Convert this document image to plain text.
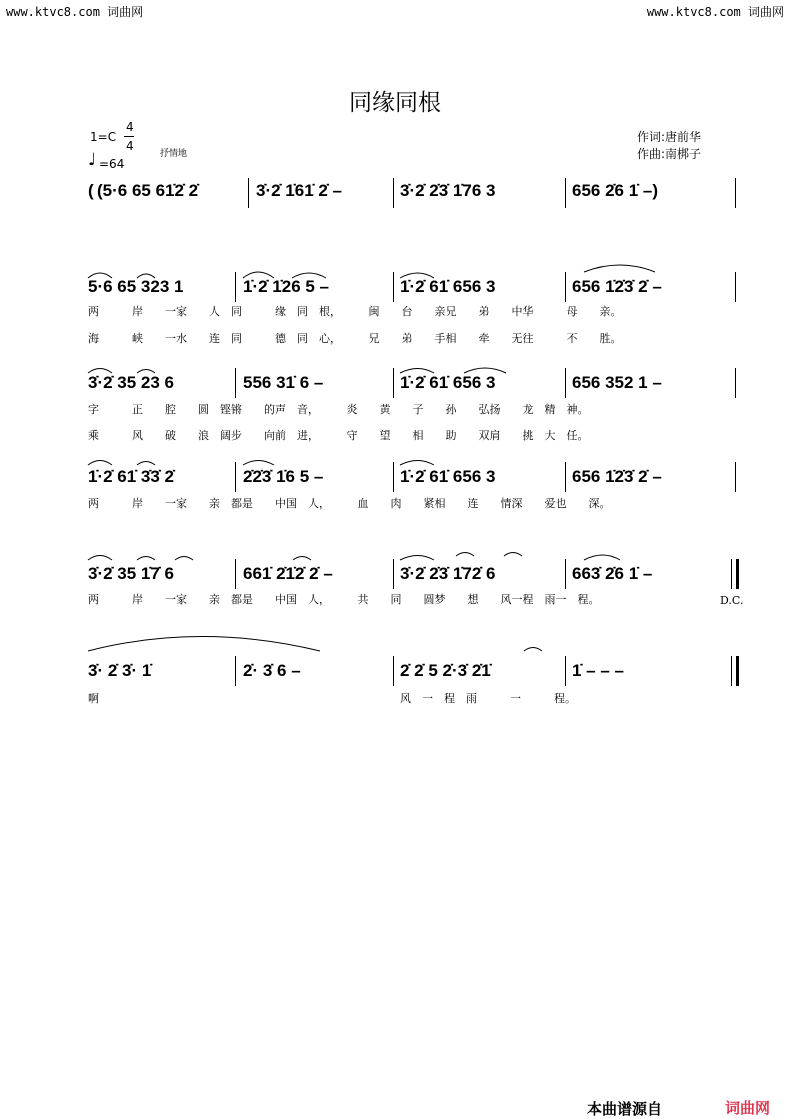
www.ktvc8.com 词曲网	www.ktvc8.com 词曲网
同缘同根
1=C
4
4
♩ =64
抒情地
作词:唐前华
作曲:南梆子
( (5·6 65 61̇2̇ 2̇	3̇·2̇ 1̇61̇ 2̇ –	3̇·2̇ 2̇3̇ 1̇76 3	656 2̇6 1̇ –)
5·6 65 323 1	1̇·2̇ 1̇26 5 –	1̇·2̇ 61̇ 656 3	656 1̇2̇3̇ 2̇ –
两　　　岸　　一家　　人　同　　　缘　同　根，　　　闽　　台　　亲兄　　弟　　中华　　　母　　亲。
海　　　峡　　一水　　连　同　　　德　同　心，　　　兄　　弟　　手相　　牵　　无往　　　不　　胜。
3̇·2̇ 35 23 6	556 31̇ 6 –	1̇·2̇ 61̇ 656 3	656 352 1 –
字　　　正　　腔　　圆　铿锵　　的声　音，　　　炎　　黄　　子　　孙　　弘扬　　龙　精　神。
乘　　　风　　破　　浪　阔步　　向前　进，　　　守　　望　　相　　助　　双肩　　挑　大　任。
1̇·2̇ 61̇ 3̇3̇ 2̇	2̇2̇3̇ 1̇6 5 –	1̇·2̇ 61̇ 656 3	656 1̇2̇3̇ 2̇ –
两　　　岸　　一家　　亲　都是　　中国　人，　　　血　　肉　　紧相　　连　　情深　　爱也　　深。
3̇·2̇ 35 1̇7̇ 6	661̇ 2̇1̇2̇ 2̇ –	3̇·2̇ 2̇3̇ 1̇72̇ 6	663̇ 2̇6 1̇ –
两　　　岸　　一家　　亲　都是　　中国　人，　　　共　　同　　圆梦　　想　　风一程　雨一　程。	D.C.
3̇· 2̇ 3̇· 1̇	2̇· 3̇ 6 –	2̇ 2̇ 5 2̇·3̇ 2̇1̇	1̇ – – –
啊	风　一　程　雨　　　一　　　程。
本曲谱源自	词曲网
